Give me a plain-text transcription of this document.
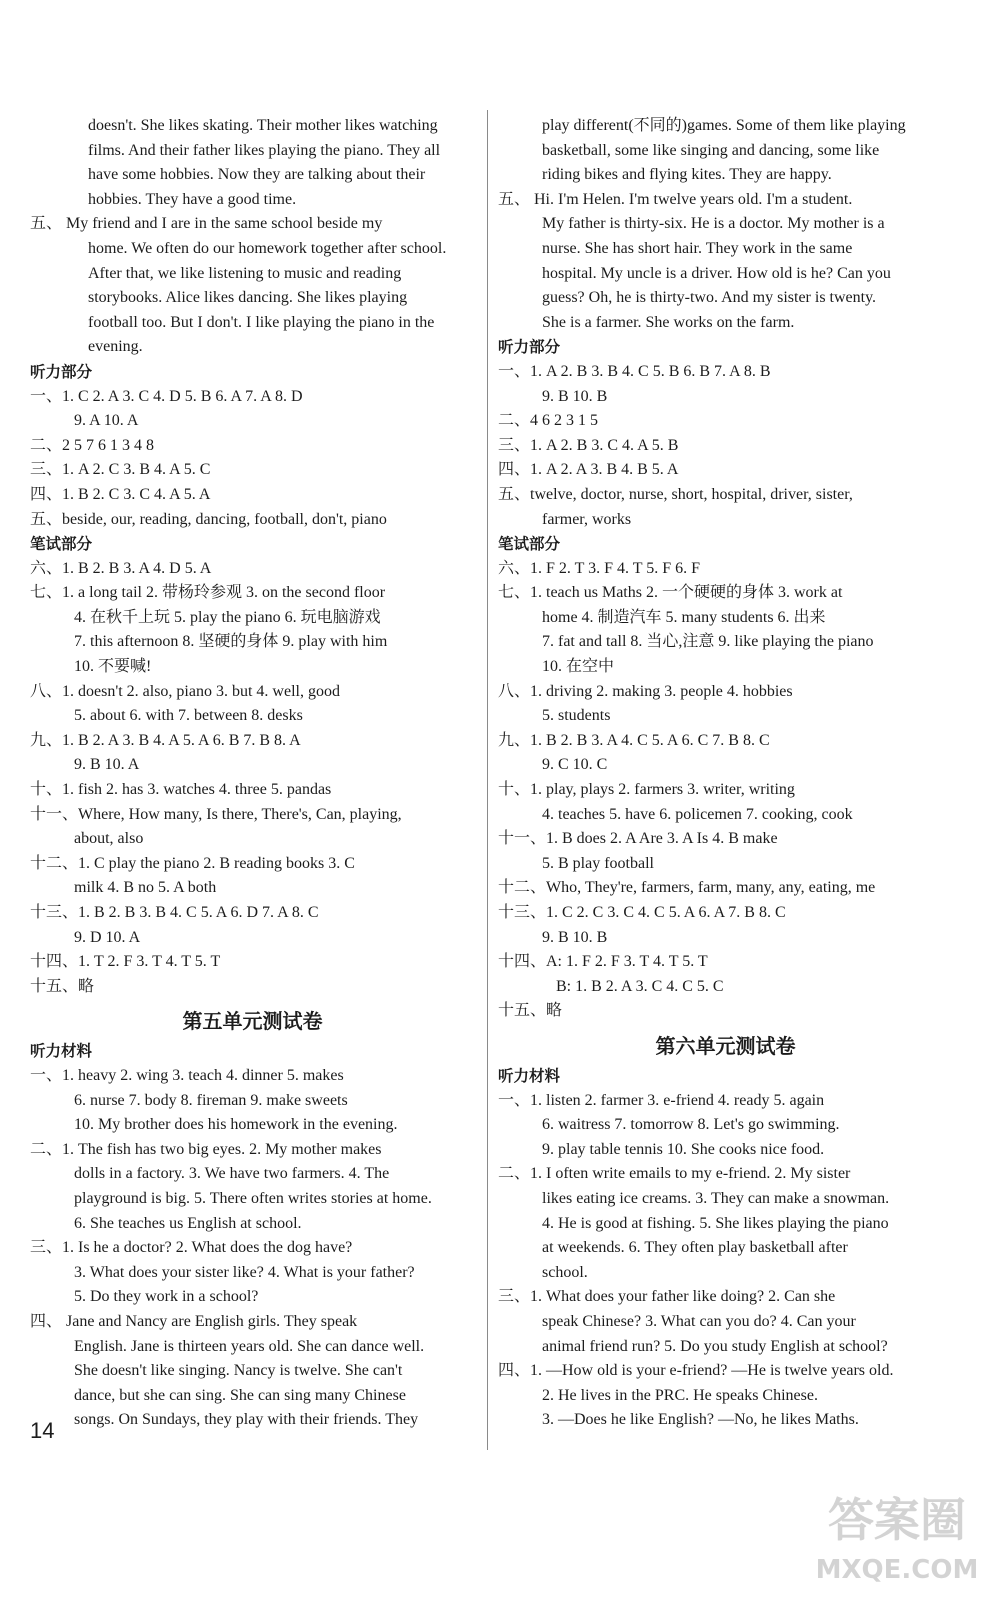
doesn't. She likes skating. Their mother likes watching
films. And their father likes playing the piano. They all
have some hobbies. Now they are talking about their
hobbies. They have a good time.
五、 My friend and I are in the same school beside my
home. We often do our homework together after school.
After that, we like listening to music and reading
storybooks. Alice likes dancing. She likes playing
football too. But I don't. I like playing the piano in the
evening.
听力部分
一、1. C 2. A 3. C 4. D 5. B 6. A 7. A 8. D
9. A 10. A
二、2 5 7 6 1 3 4 8
三、1. A 2. C 3. B 4. A 5. C
四、1. B 2. C 3. C 4. A 5. A
五、beside, our, reading, dancing, football, don't, piano
笔试部分
六、1. B 2. B 3. A 4. D 5. A
七、1. a long tail 2. 带杨玲参观 3. on the second floor
4. 在秋千上玩 5. play the piano 6. 玩电脑游戏
7. this afternoon 8. 坚硬的身体 9. play with him
10. 不要喊!
八、1. doesn't 2. also, piano 3. but 4. well, good
5. about 6. with 7. between 8. desks
九、1. B 2. A 3. B 4. A 5. A 6. B 7. B 8. A
9. B 10. A
十、1. fish 2. has 3. watches 4. three 5. pandas
十一、Where, How many, Is there, There's, Can, playing,
about, also
十二、1. C play the piano 2. B reading books 3. C
milk 4. B no 5. A both
十三、1. B 2. B 3. B 4. C 5. A 6. D 7. A 8. C
9. D 10. A
十四、1. T 2. F 3. T 4. T 5. T
十五、略
第五单元测试卷
听力材料
一、1. heavy 2. wing 3. teach 4. dinner 5. makes
6. nurse 7. body 8. fireman 9. make sweets
10. My brother does his homework in the evening.
二、1. The fish has two big eyes. 2. My mother makes
dolls in a factory. 3. We have two farmers. 4. The
playground is big. 5. There often writes stories at home.
6. She teaches us English at school.
三、1. Is he a doctor? 2. What does the dog have?
3. What does your sister like? 4. What is your father?
5. Do they work in a school?
四、 Jane and Nancy are English girls. They speak
English. Jane is thirteen years old. She can dance well.
She doesn't like singing. Nancy is twelve. She can't
dance, but she can sing. She can sing many Chinese
songs. On Sundays, they play with their friends. They
play different(不同的)games. Some of them like playing
basketball, some like singing and dancing, some like
riding bikes and flying kites. They are happy.
五、 Hi. I'm Helen. I'm twelve years old. I'm a student.
My father is thirty-six. He is a doctor. My mother is a
nurse. She has short hair. They work in the same
hospital. My uncle is a driver. How old is he? Can you
guess? Oh, he is thirty-two. And my sister is twenty.
She is a farmer. She works on the farm.
听力部分
一、1. A 2. B 3. B 4. C 5. B 6. B 7. A 8. B
9. B 10. B
二、4 6 2 3 1 5
三、1. A 2. B 3. C 4. A 5. B
四、1. A 2. A 3. B 4. B 5. A
五、twelve, doctor, nurse, short, hospital, driver, sister,
farmer, works
笔试部分
六、1. F 2. T 3. F 4. T 5. F 6. F
七、1. teach us Maths 2. 一个硬硬的身体 3. work at
home 4. 制造汽车 5. many students 6. 出来
7. fat and tall 8. 当心,注意 9. like playing the piano
10. 在空中
八、1. driving 2. making 3. people 4. hobbies
5. students
九、1. B 2. B 3. A 4. C 5. A 6. C 7. B 8. C
9. C 10. C
十、1. play, plays 2. farmers 3. writer, writing
4. teaches 5. have 6. policemen 7. cooking, cook
十一、1. B does 2. A Are 3. A Is 4. B make
5. B play football
十二、Who, They're, farmers, farm, many, any, eating, me
十三、1. C 2. C 3. C 4. C 5. A 6. A 7. B 8. C
9. B 10. B
十四、A: 1. F 2. F 3. T 4. T 5. T
B: 1. B 2. A 3. C 4. C 5. C
十五、略
第六单元测试卷
听力材料
一、1. listen 2. farmer 3. e-friend 4. ready 5. again
6. waitress 7. tomorrow 8. Let's go swimming.
9. play table tennis 10. She cooks nice food.
二、1. I often write emails to my e-friend. 2. My sister
likes eating ice creams. 3. They can make a snowman.
4. He is good at fishing. 5. She likes playing the piano
at weekends. 6. They often play basketball after
school.
三、1. What does your father like doing? 2. Can she
speak Chinese? 3. What can you do? 4. Can your
animal friend run? 5. Do you study English at school?
四、1. —How old is your e-friend? —He is twelve years old.
2. He lives in the PRC. He speaks Chinese.
3. —Does he like English? —No, he likes Maths.
14
答案圈
MXQE.COM
